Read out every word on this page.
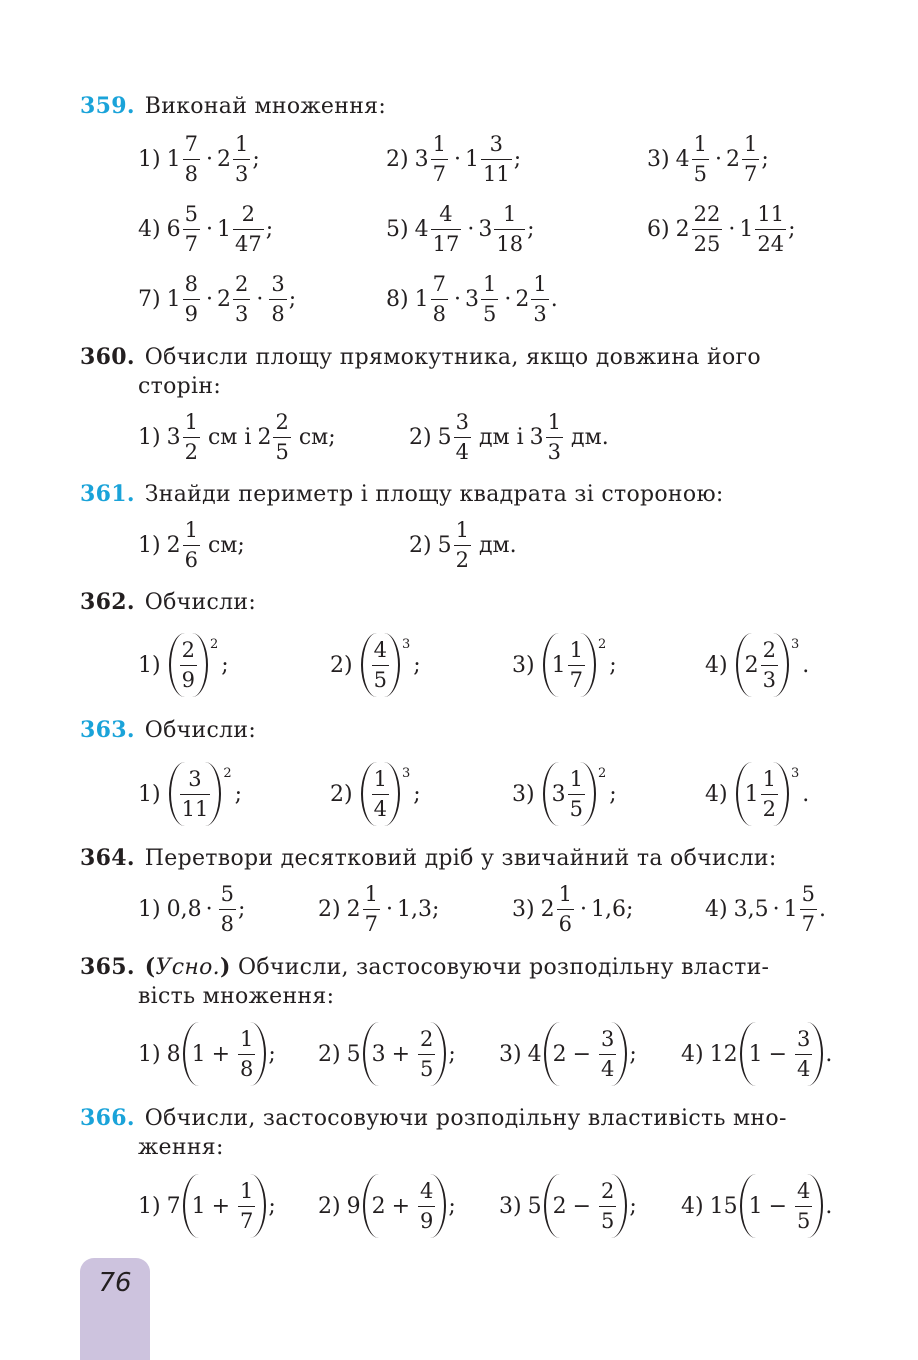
359. Виконай множення:
1) $1 \frac{7}{8} \cdot 2 \frac{1}{3}$ ;	2) $3 \frac{1}{7} \cdot 1 \frac{3}{11}$ ;	3) $4 \frac{1}{5} \cdot 2 \frac{1}{7}$ ;
4) $6 \frac{5}{7} \cdot 1 \frac{2}{47}$ ;	5) $4 \frac{4}{17} \cdot 3 \frac{1}{18}$ ;	6) $2 \frac{22}{25} \cdot 1 \frac{11}{24}$ ;
7) $1 \frac{8}{9} \cdot 2 \frac{2}{3} \cdot \frac{3}{8}$ ;	8) $1 \frac{7}{8} \cdot 3 \frac{1}{5} \cdot 2 \frac{1}{3}$ .
360. Обчисли площу прямокутника, якщо довжина його
сторін:
1) $3 \frac{1}{2}$ см і $2 \frac{2}{5}$ см;	2) $5 \frac{3}{4}$ дм і $3 \frac{1}{3}$ дм.
361. Знайди периметр і площу квадрата зі стороною:
1) $2 \frac{1}{6}$ см;	2) $5 \frac{1}{2}$ дм.
362. Обчисли:
$1) \frac{2}{9} 2$
;	$2) \frac{4}{5} 3$
;	3) $1 \frac{1}{7} 2$
;	4) $2 \frac{2}{3} 3$
.
363. Обчисли:
$1) \frac{3}{11} 2$
;	$2) \frac{1}{4} 3$
;	3) $3 \frac{1}{5} 2$
;	4) $1 \frac{1}{2} 3$
.
364. Перетвори десятковий дріб у звичайний та обчисли:
1) $0,8 \cdot \frac{5}{8}$ ;	2) $2 \frac{1}{7} \cdot 1,3$ ;	3) $2 \frac{1}{6} \cdot 1,6$ ;	4) $3,5 \cdot 1 \frac{5}{7}$ .
365. (Усно.) Обчисли, застосовуючи розподільну власти-
вість множення:
1) 8 $1 + \frac{1}{8}$ ; 2) 5 $3 + \frac{2}{5}$ ; 3) 4 $2 - \frac{3}{4}$ ; 4) 12 $1 - \frac{3}{4}$ .
366. Обчисли, застосовуючи розподільну властивість мно-
ження:
1) 7 $1 + \frac{1}{7}$ ; 2) 9 $2 + \frac{4}{9}$ ; 3) 5 $2 - \frac{2}{5}$ ; 4) 15 $1 - \frac{4}{5}$ .
76
